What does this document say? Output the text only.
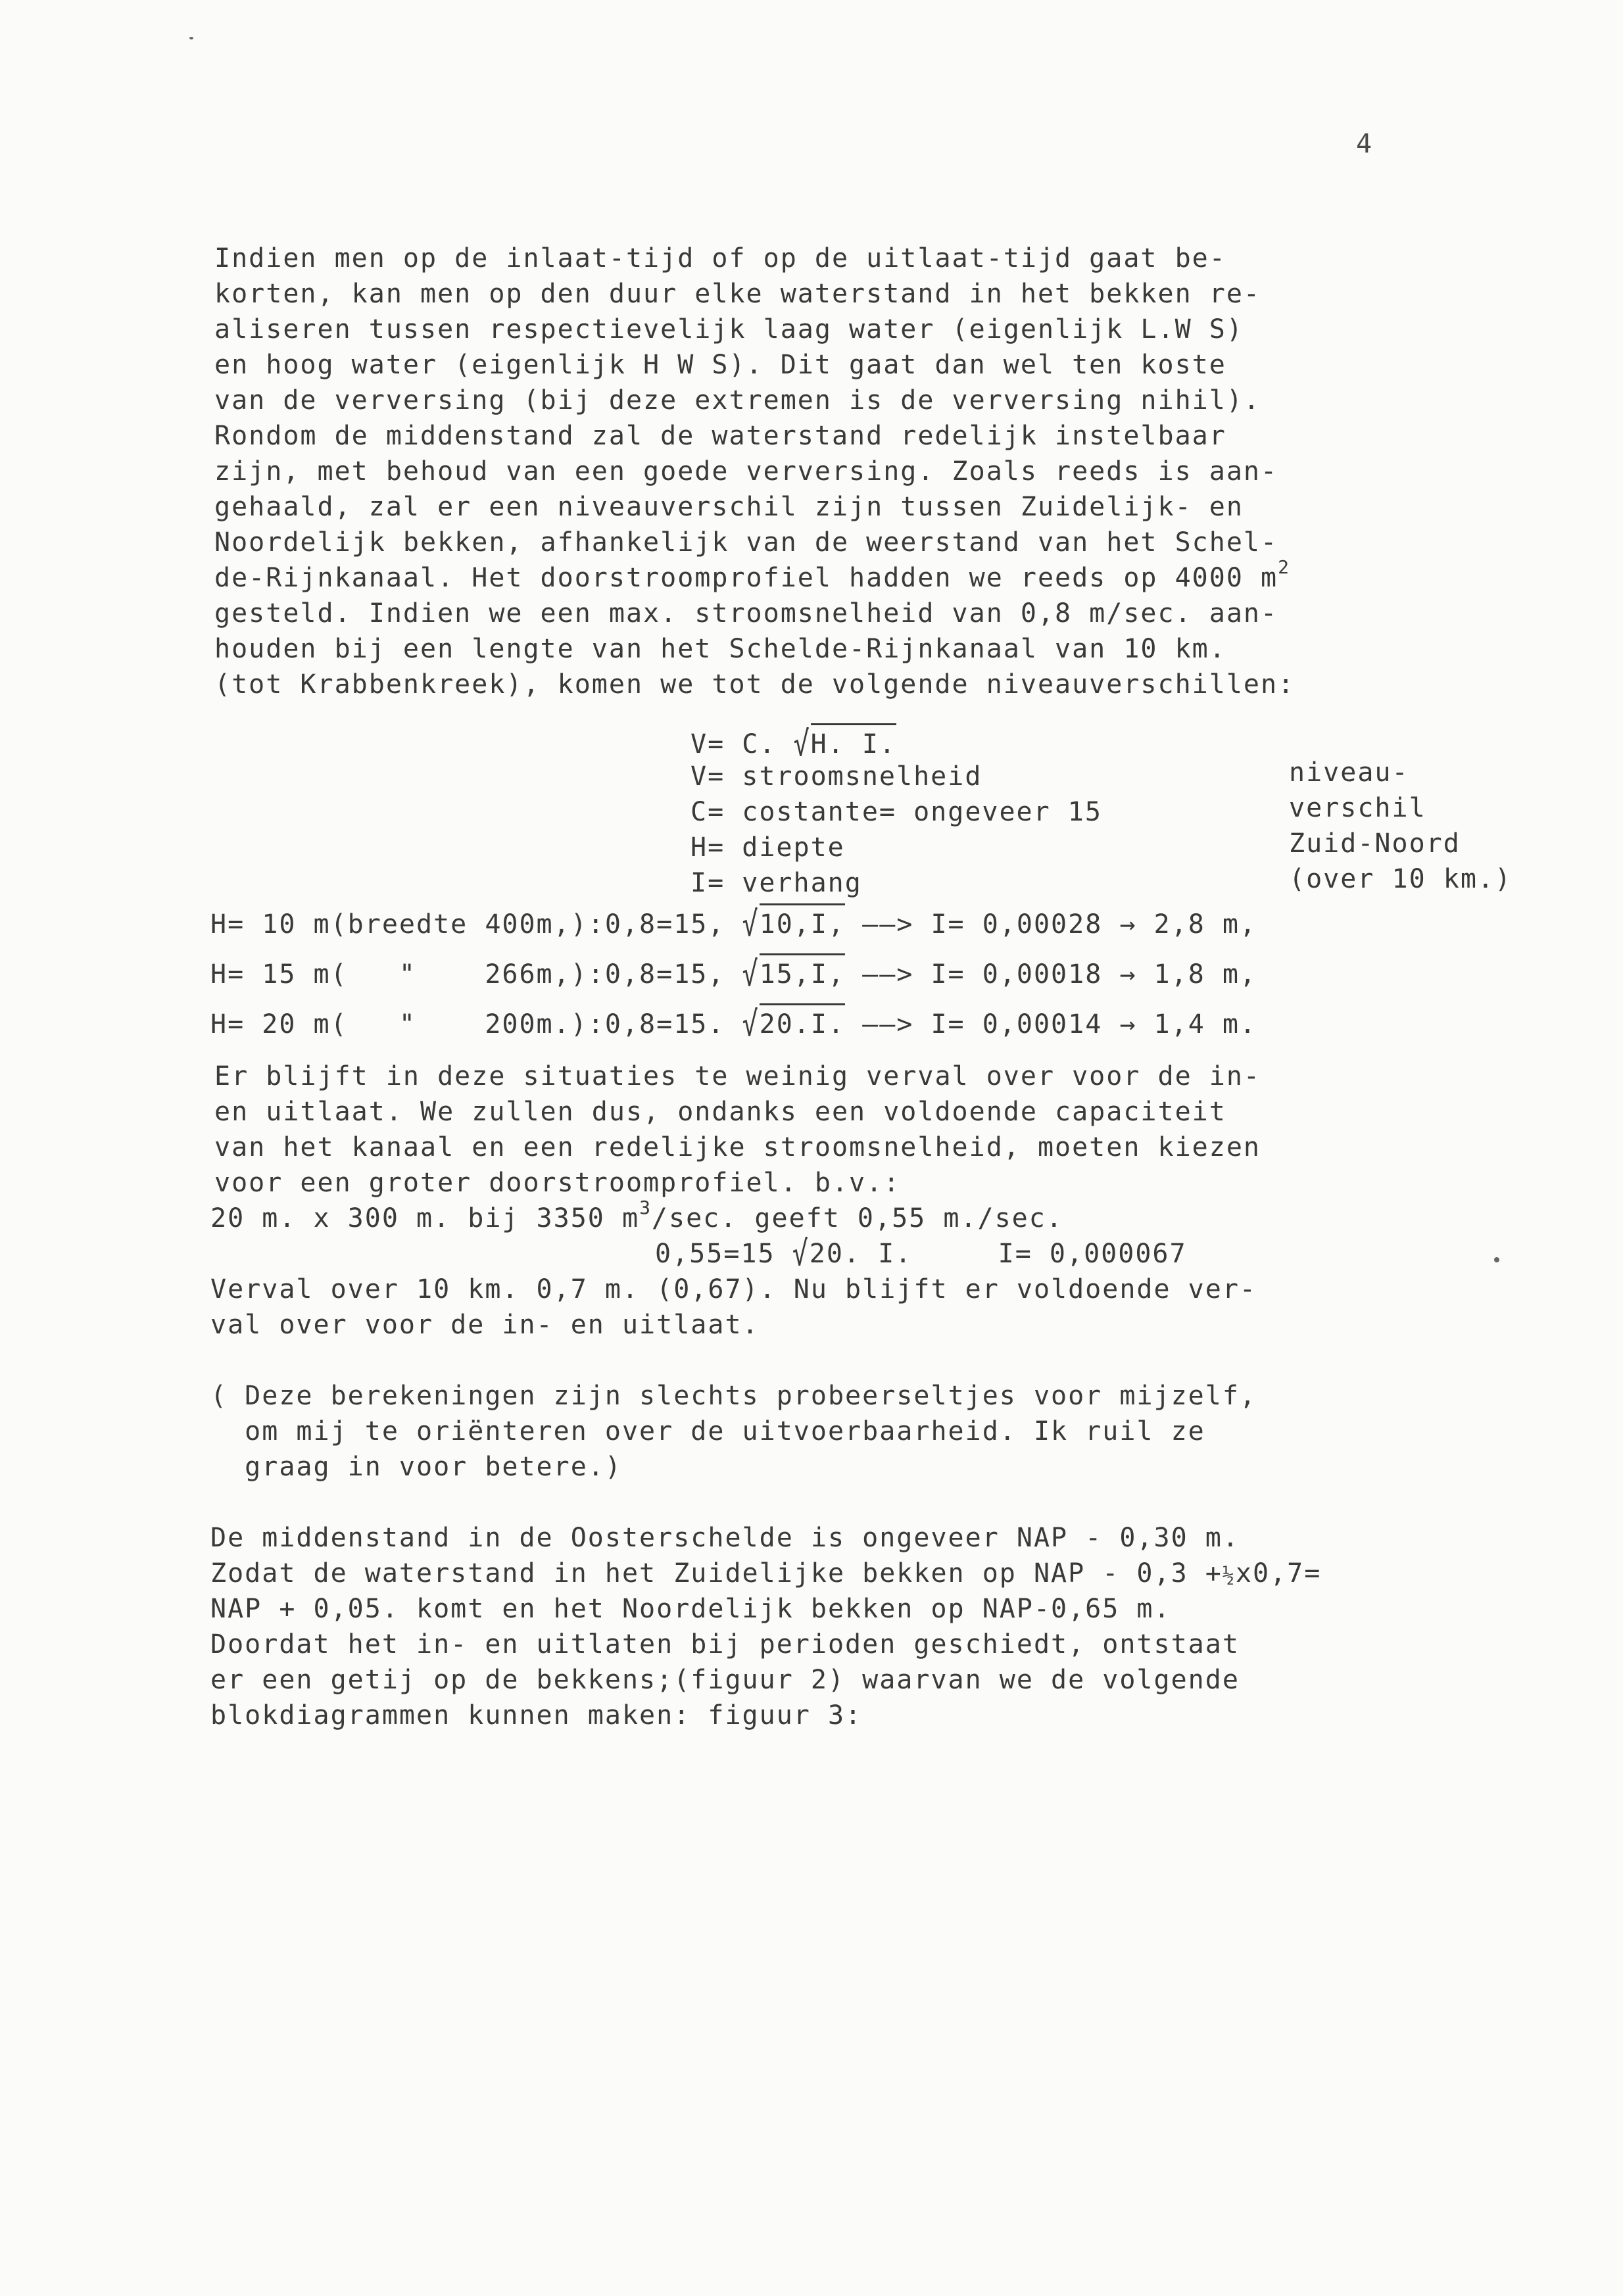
4
Indien men op de inlaat-tijd of op de uitlaat-tijd gaat be-
korten, kan men op den duur elke waterstand in het bekken re-
aliseren tussen respectievelijk laag water (eigenlijk L.W S)
en hoog water (eigenlijk H W S). Dit gaat dan wel ten koste
van de verversing (bij deze extremen is de verversing nihil).
Rondom de middenstand zal de waterstand redelijk instelbaar
zijn, met behoud van een goede verversing. Zoals reeds is aan-
gehaald, zal er een niveauverschil zijn tussen Zuidelijk- en
Noordelijk bekken, afhankelijk van de weerstand van het Schel-
de-Rijnkanaal. Het doorstroomprofiel hadden we reeds op 4000 $m^2$
gesteld. Indien we een max. stroomsnelheid van 0,8 m/sec. aan-
houden bij een lengte van het Schelde-Rijnkanaal van 10 km.
(tot Krabbenkreek), komen we tot de volgende niveauverschillen:
V= C. √H. I.
V= stroomsnelheid
C= costante= ongeveer 15
H= diepte
I= verhang
niveau-
verschil
Zuid-Noord
(over 10 km.)
H= 10 m(breedte 400m,):0,8=15, √10,I, ——> I= 0,00028 → 2,8 m,
H= 15 m(   "    266m,):0,8=15, √15,I, ——> I= 0,00018 → 1,8 m,
H= 20 m(   "    200m.):0,8=15. √20.I. ——> I= 0,00014 → 1,4 m.
Er blijft in deze situaties te weinig verval over voor de in-
en uitlaat. We zullen dus, ondanks een voldoende capaciteit
van het kanaal en een redelijke stroomsnelheid, moeten kiezen
voor een groter doorstroomprofiel. b.v.:
20 m. x 300 m. bij 3350 $m^3/\sec$. geeft 0,55 m./sec.
0,55=15 √20. I.     I= 0,000067
Verval over 10 km. 0,7 m. (0,67). Nu blijft er voldoende ver-
val over voor de in- en uitlaat.
( Deze berekeningen zijn slechts probeerseltjes voor mijzelf,
om mij te oriënteren over de uitvoerbaarheid. Ik ruil ze
graag in voor betere.)
De middenstand in de Oosterschelde is ongeveer NAP - 0,30 m.
Zodat de waterstand in het Zuidelijke bekken op NAP - 0,3 +½x0,7=
NAP + 0,05. komt en het Noordelijk bekken op NAP-0,65 m.
Doordat het in- en uitlaten bij perioden geschiedt, ontstaat
er een getij op de bekkens;(figuur 2) waarvan we de volgende
blokdiagrammen kunnen maken: figuur 3:
